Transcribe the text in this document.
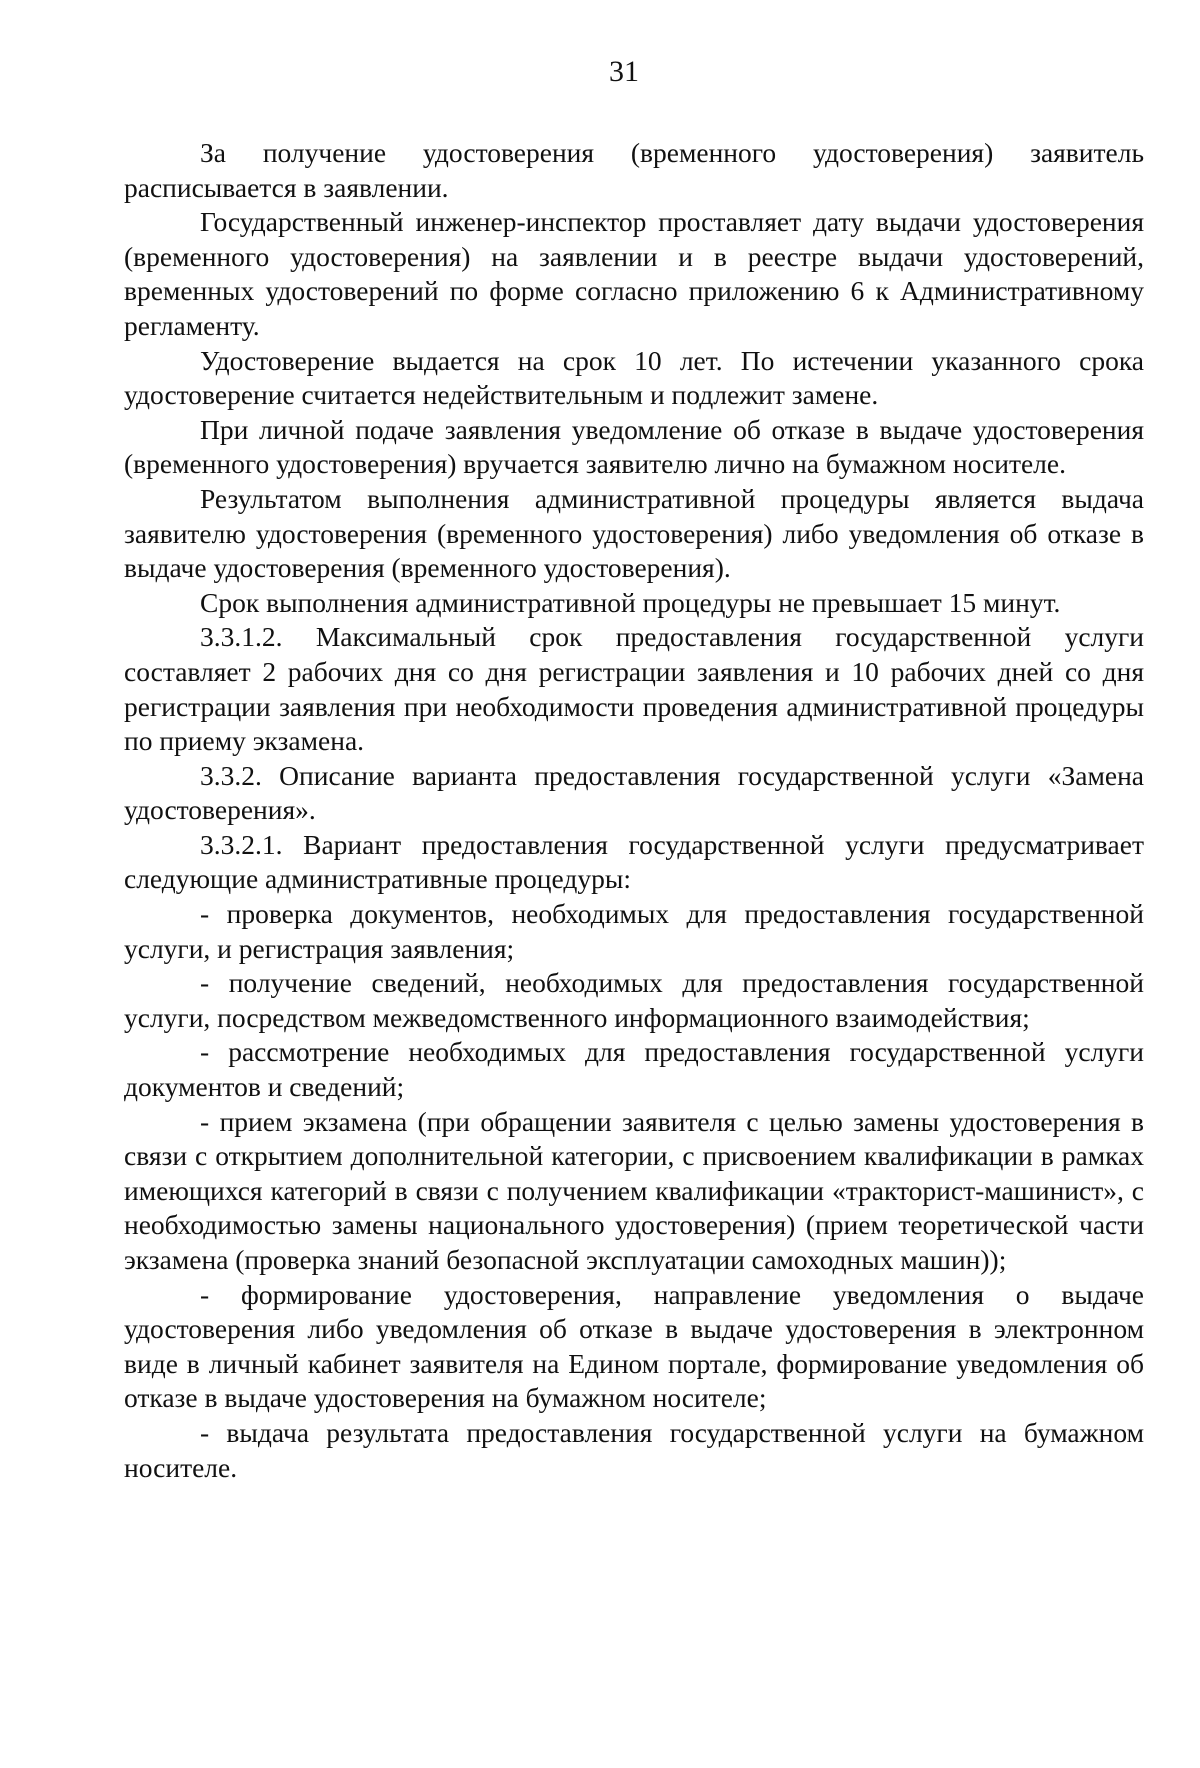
31

За получение удостоверения (временного удостоверения) заявитель расписывается в заявлении.

Государственный инженер-инспектор проставляет дату выдачи удостоверения (временного удостоверения) на заявлении и в реестре выдачи удостоверений, временных удостоверений по форме согласно приложению 6 к Административному регламенту.

Удостоверение выдается на срок 10 лет. По истечении указанного срока удостоверение считается недействительным и подлежит замене.

При личной подаче заявления уведомление об отказе в выдаче удостоверения (временного удостоверения) вручается заявителю лично на бумажном носителе.

Результатом выполнения административной процедуры является выдача заявителю удостоверения (временного удостоверения) либо уведомления об отказе в выдаче удостоверения (временного удостоверения).

Срок выполнения административной процедуры не превышает 15 минут.

3.3.1.2. Максимальный срок предоставления государственной услуги составляет 2 рабочих дня со дня регистрации заявления и 10 рабочих дней со дня регистрации заявления при необходимости проведения административной процедуры по приему экзамена.

3.3.2. Описание варианта предоставления государственной услуги «Замена удостоверения».

3.3.2.1. Вариант предоставления государственной услуги предусматривает следующие административные процедуры:

- проверка документов, необходимых для предоставления государственной услуги, и регистрация заявления;

- получение сведений, необходимых для предоставления государственной услуги, посредством межведомственного информационного взаимодействия;

- рассмотрение необходимых для предоставления государственной услуги документов и сведений;

- прием экзамена (при обращении заявителя с целью замены удостоверения в связи с открытием дополнительной категории, с присвоением квалификации в рамках имеющихся категорий в связи с получением квалификации «тракторист-машинист», с необходимостью замены национального удостоверения) (прием теоретической части экзамена (проверка знаний безопасной эксплуатации самоходных машин));

- формирование удостоверения, направление уведомления о выдаче удостоверения либо уведомления об отказе в выдаче удостоверения в электронном виде в личный кабинет заявителя на Едином портале, формирование уведомления об отказе в выдаче удостоверения на бумажном носителе;

- выдача результата предоставления государственной услуги на бумажном носителе.
